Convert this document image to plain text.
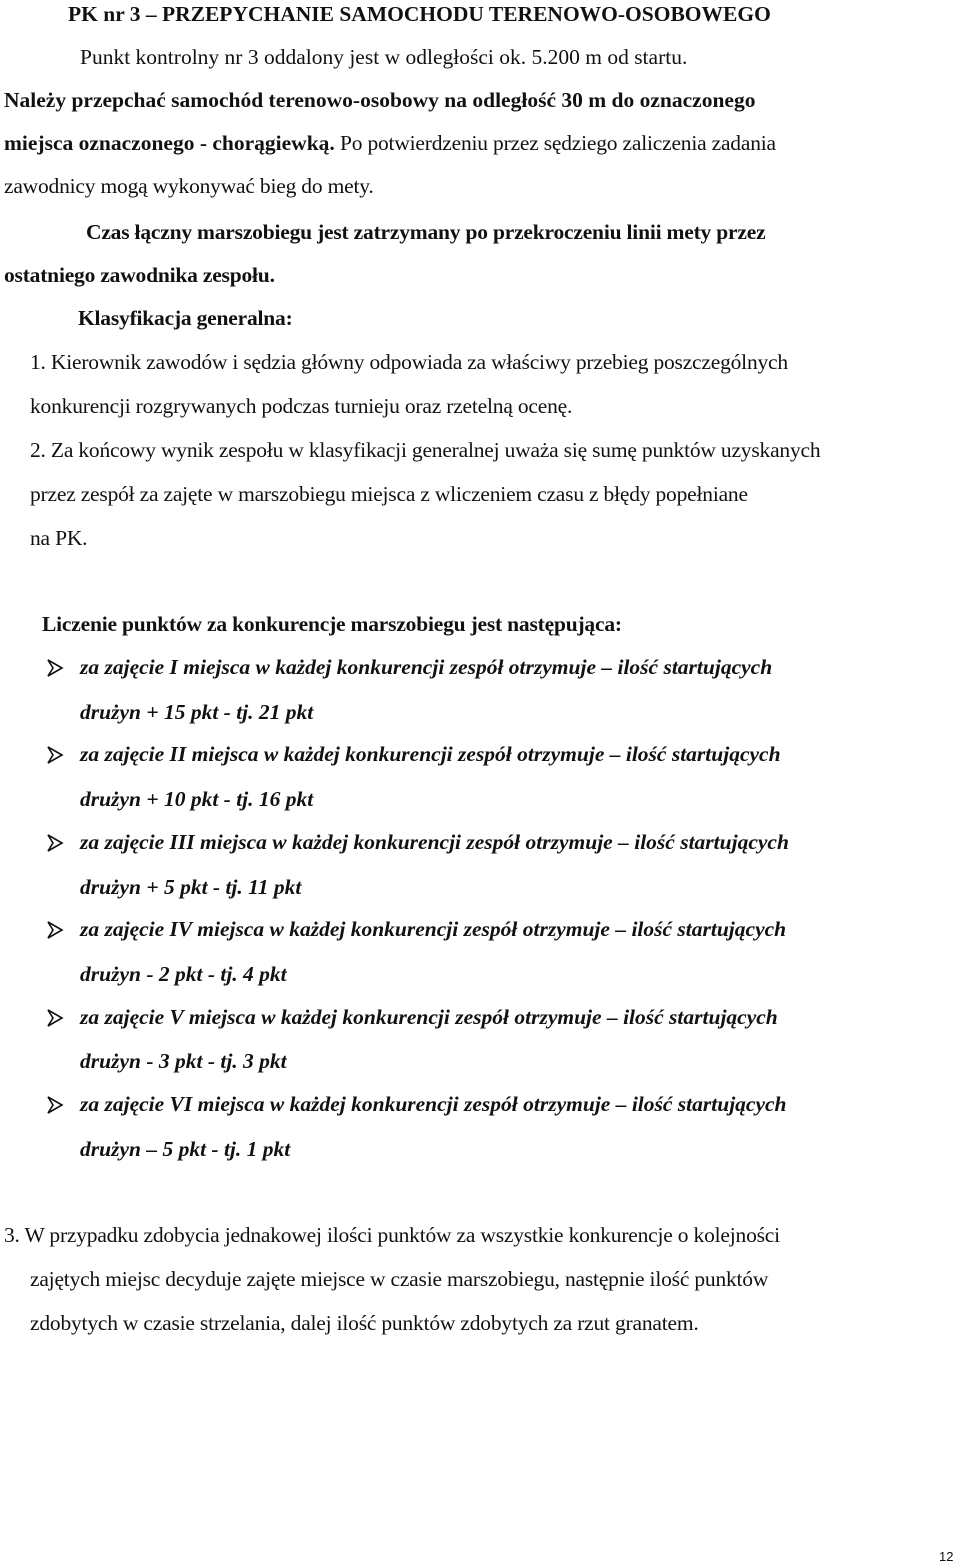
PK nr 3 – PRZEPYCHANIE SAMOCHODU TERENOWO-OSOBOWEGO
Punkt kontrolny nr 3 oddalony jest w odległości ok. 5.200 m od startu.
Należy przepchać samochód terenowo-osobowy na odległość 30 m do oznaczonego
miejsca oznaczonego - chorągiewką. Po potwierdzeniu przez sędziego zaliczenia zadania
zawodnicy mogą wykonywać bieg do mety.
Czas łączny marszobiegu jest zatrzymany po przekroczeniu linii mety przez
ostatniego zawodnika zespołu.
Klasyfikacja generalna:
1. Kierownik zawodów i sędzia główny odpowiada za właściwy przebieg poszczególnych
konkurencji rozgrywanych podczas turnieju oraz rzetelną ocenę.
2. Za końcowy wynik zespołu w klasyfikacji generalnej uważa się sumę punktów uzyskanych
przez zespół za zajęte w marszobiegu miejsca z wliczeniem czasu z błędy popełniane
na PK.
Liczenie punktów za konkurencje marszobiegu jest następująca:
za zajęcie I miejsca w każdej konkurencji zespół otrzymuje – ilość startujących
drużyn + 15 pkt - tj. 21 pkt
za zajęcie II miejsca w każdej konkurencji zespół otrzymuje – ilość startujących
drużyn + 10 pkt - tj. 16 pkt
za zajęcie III miejsca w każdej konkurencji zespół otrzymuje – ilość startujących
drużyn + 5 pkt - tj. 11 pkt
za zajęcie IV miejsca w każdej konkurencji zespół otrzymuje – ilość startujących
drużyn - 2 pkt - tj. 4 pkt
za zajęcie V miejsca w każdej konkurencji zespół otrzymuje – ilość startujących
drużyn - 3 pkt - tj. 3 pkt
za zajęcie VI miejsca w każdej konkurencji zespół otrzymuje – ilość startujących
drużyn – 5 pkt - tj. 1 pkt
3. W przypadku zdobycia jednakowej ilości punktów za wszystkie konkurencje o kolejności
zajętych miejsc decyduje zajęte miejsce w czasie marszobiegu, następnie ilość punktów
zdobytych w czasie strzelania, dalej ilość punktów zdobytych za rzut granatem.
12
